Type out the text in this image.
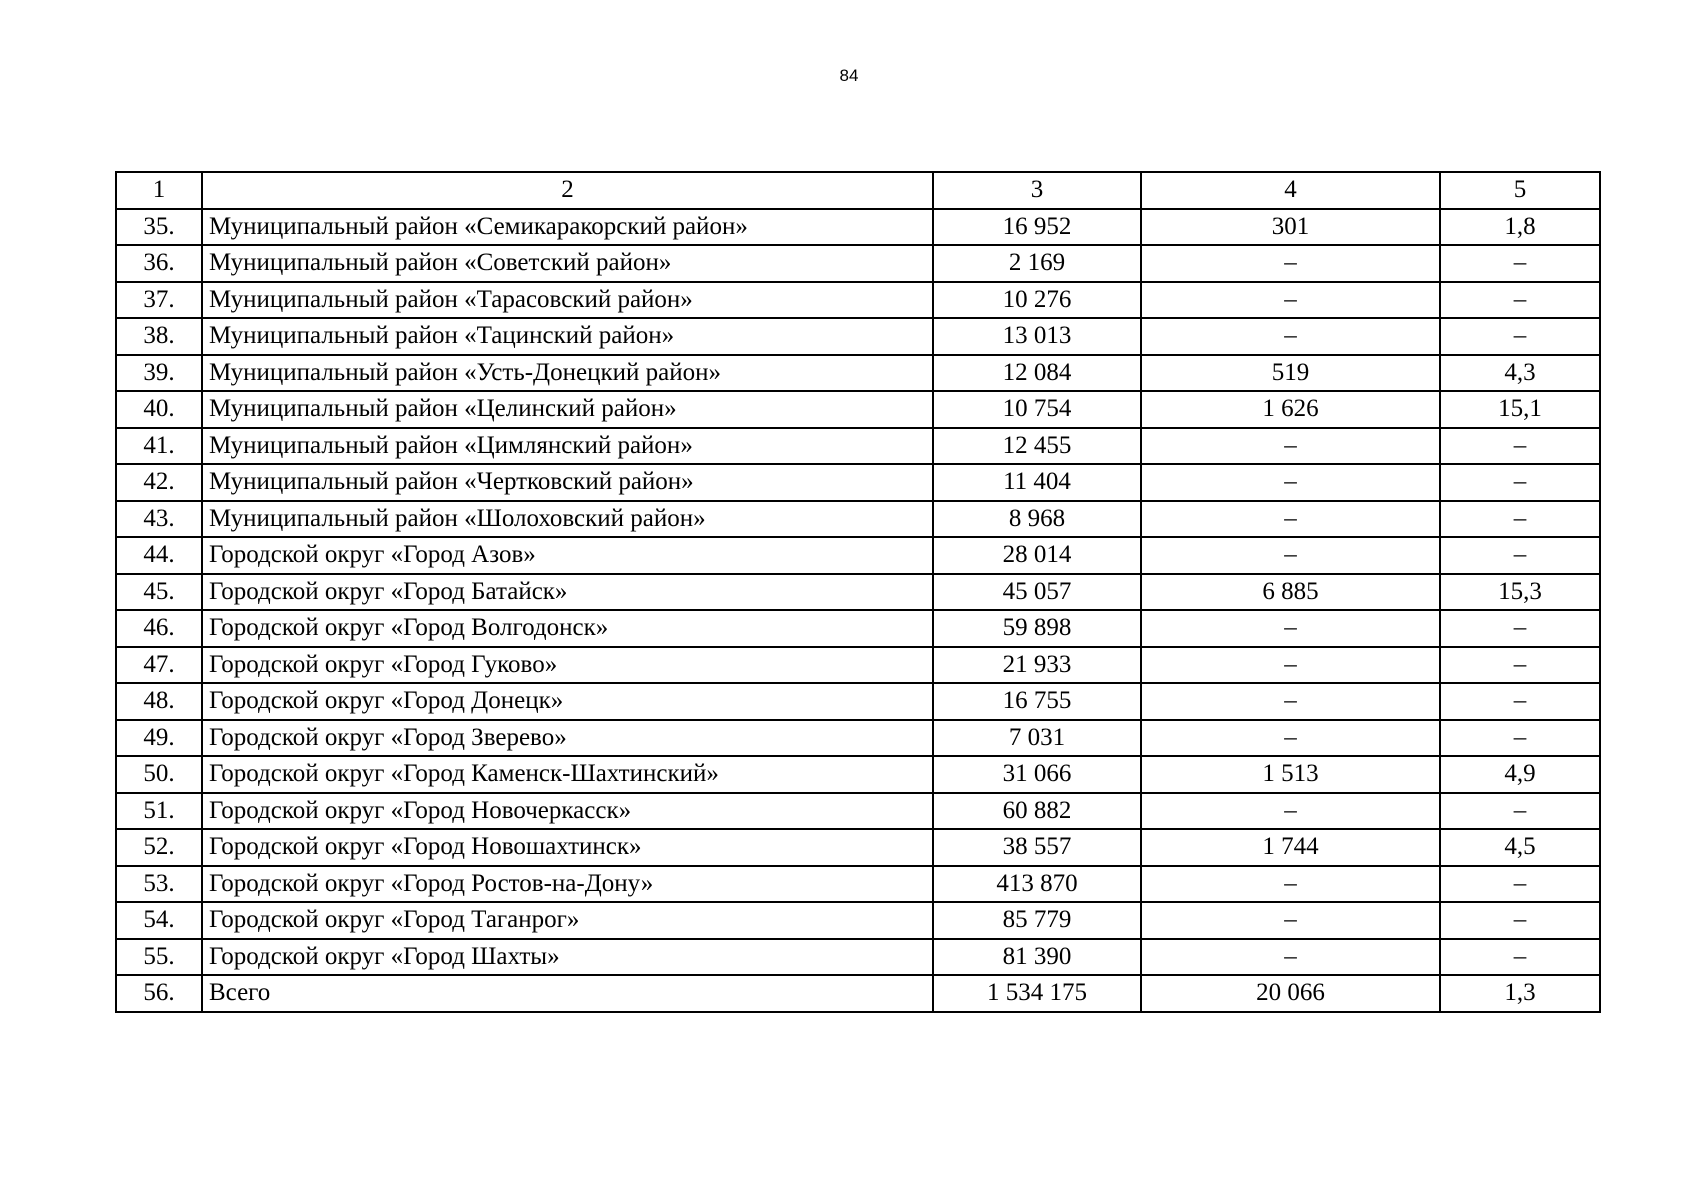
84
1	2	3	4	5
35.	Муниципальный район «Семикаракорский район»	16 952	301	1,8
36.	Муниципальный район «Советский район»	2 169	–	–
37.	Муниципальный район «Тарасовский район»	10 276	–	–
38.	Муниципальный район «Тацинский район»	13 013	–	–
39.	Муниципальный район «Усть-Донецкий район»	12 084	519	4,3
40.	Муниципальный район «Целинский район»	10 754	1 626	15,1
41.	Муниципальный район «Цимлянский район»	12 455	–	–
42.	Муниципальный район «Чертковский район»	11 404	–	–
43.	Муниципальный район «Шолоховский район»	8 968	–	–
44.	Городской округ «Город Азов»	28 014	–	–
45.	Городской округ «Город Батайск»	45 057	6 885	15,3
46.	Городской округ «Город Волгодонск»	59 898	–	–
47.	Городской округ «Город Гуково»	21 933	–	–
48.	Городской округ «Город Донецк»	16 755	–	–
49.	Городской округ «Город Зверево»	7 031	–	–
50.	Городской округ «Город Каменск-Шахтинский»	31 066	1 513	4,9
51.	Городской округ «Город Новочеркасск»	60 882	–	–
52.	Городской округ «Город Новошахтинск»	38 557	1 744	4,5
53.	Городской округ «Город Ростов-на-Дону»	413 870	–	–
54.	Городской округ «Город Таганрог»	85 779	–	–
55.	Городской округ «Город Шахты»	81 390	–	–
56.	Всего	1 534 175	20 066	1,3
